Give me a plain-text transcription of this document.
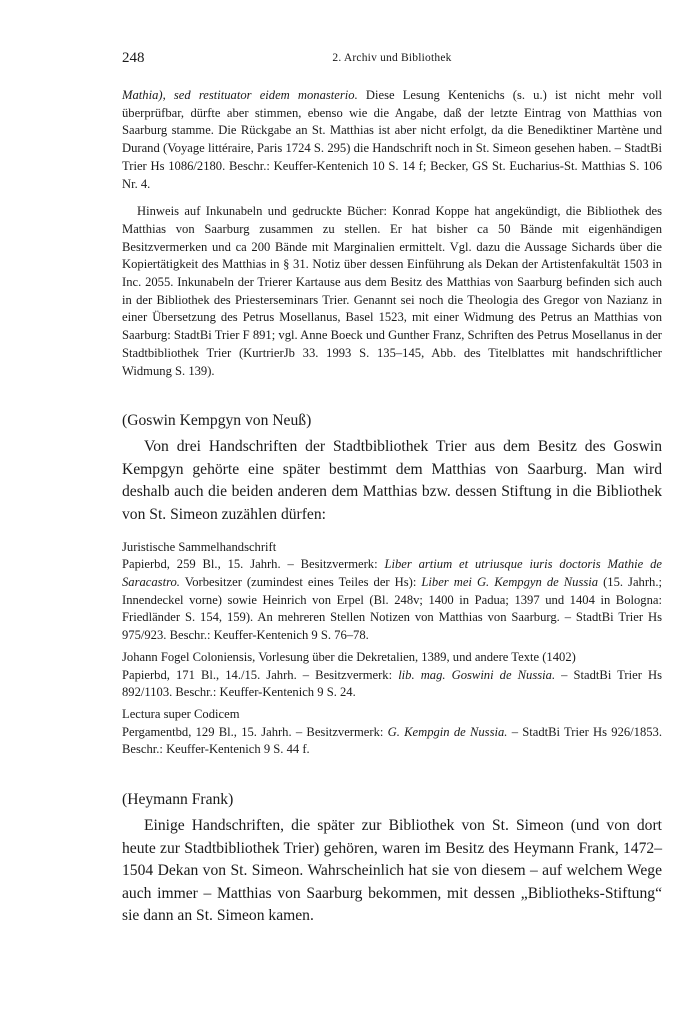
248	2. Archiv und Bibliothek

Mathia), sed restituator eidem monasterio. Diese Lesung Kentenichs (s. u.) ist nicht mehr voll überprüfbar, dürfte aber stimmen, ebenso wie die Angabe, daß der letzte Eintrag von Matthias von Saarburg stamme. Die Rückgabe an St. Matthias ist aber nicht erfolgt, da die Benediktiner Martène und Durand (Voyage littéraire, Paris 1724 S. 295) die Handschrift noch in St. Simeon gesehen haben. – StadtBi Trier Hs 1086/2180. Beschr.: Keuffer-Kentenich 10 S. 14 f; Becker, GS St. Eucharius-St. Matthias S. 106 Nr. 4.

Hinweis auf Inkunabeln und gedruckte Bücher: Konrad Koppe hat angekündigt, die Bibliothek des Matthias von Saarburg zusammen zu stellen. Er hat bisher ca 50 Bände mit eigenhändigen Besitzvermerken und ca 200 Bände mit Marginalien ermittelt. Vgl. dazu die Aussage Sichards über die Kopiertätigkeit des Matthias in § 31. Notiz über dessen Einführung als Dekan der Artistenfakultät 1503 in Inc. 2055. Inkunabeln der Trierer Kartause aus dem Besitz des Matthias von Saarburg befinden sich auch in der Bibliothek des Priesterseminars Trier. Genannt sei noch die Theologia des Gregor von Nazianz in einer Übersetzung des Petrus Mosellanus, Basel 1523, mit einer Widmung des Petrus an Matthias von Saarburg: StadtBi Trier F 891; vgl. Anne Boeck und Gunther Franz, Schriften des Petrus Mosellanus in der Stadtbibliothek Trier (KurtrierJb 33. 1993 S. 135–145, Abb. des Titelblattes mit handschriftlicher Widmung S. 139).

(Goswin Kempgyn von Neuß)

Von drei Handschriften der Stadtbibliothek Trier aus dem Besitz des Goswin Kempgyn gehörte eine später bestimmt dem Matthias von Saarburg. Man wird deshalb auch die beiden anderen dem Matthias bzw. dessen Stiftung in die Bibliothek von St. Simeon zuzählen dürfen:

Juristische Sammelhandschrift
Papierbd, 259 Bl., 15. Jahrh. – Besitzvermerk: Liber artium et utriusque iuris doctoris Mathie de Saracastro. Vorbesitzer (zumindest eines Teiles der Hs): Liber mei G. Kempgyn de Nussia (15. Jahrh.; Innendeckel vorne) sowie Heinrich von Erpel (Bl. 248v; 1400 in Padua; 1397 und 1404 in Bologna: Friedländer S. 154, 159). An mehreren Stellen Notizen von Matthias von Saarburg. – StadtBi Trier Hs 975/923. Beschr.: Keuffer-Kentenich 9 S. 76–78.
Johann Fogel Coloniensis, Vorlesung über die Dekretalien, 1389, und andere Texte (1402)
Papierbd, 171 Bl., 14./15. Jahrh. – Besitzvermerk: lib. mag. Goswini de Nussia. – StadtBi Trier Hs 892/1103. Beschr.: Keuffer-Kentenich 9 S. 24.
Lectura super Codicem
Pergamentbd, 129 Bl., 15. Jahrh. – Besitzvermerk: G. Kempgin de Nussia. – StadtBi Trier Hs 926/1853. Beschr.: Keuffer-Kentenich 9 S. 44 f.
(Heymann Frank)

Einige Handschriften, die später zur Bibliothek von St. Simeon (und von dort heute zur Stadtbibliothek Trier) gehören, waren im Besitz des Heymann Frank, 1472–1504 Dekan von St. Simeon. Wahrscheinlich hat sie von diesem – auf welchem Wege auch immer – Matthias von Saarburg bekommen, mit dessen „Bibliotheks-Stiftung“ sie dann an St. Simeon kamen.
